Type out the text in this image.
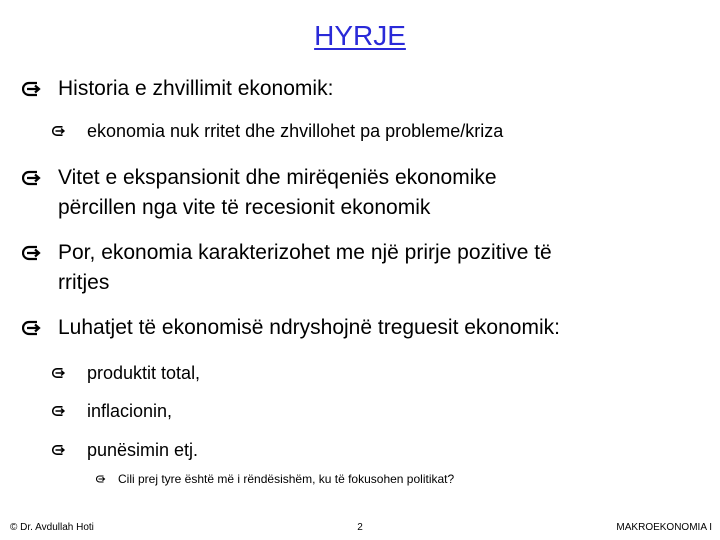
HYRJE
Historia e zhvillimit ekonomik:
ekonomia nuk rritet dhe zhvillohet pa probleme/kriza
Vitet e ekspansionit dhe mirëqeniës ekonomike
përcillen nga vite të recesionit ekonomik
Por, ekonomia karakterizohet me një prirje pozitive të
rritjes
Luhatjet të ekonomisë ndryshojnë treguesit ekonomik:
produktit total,
inflacionin,
punësimin etj.
Cili prej tyre është më i rëndësishëm, ku të fokusohen politikat?
© Dr. Avdullah Hoti	2	MAKROEKONOMIA I
